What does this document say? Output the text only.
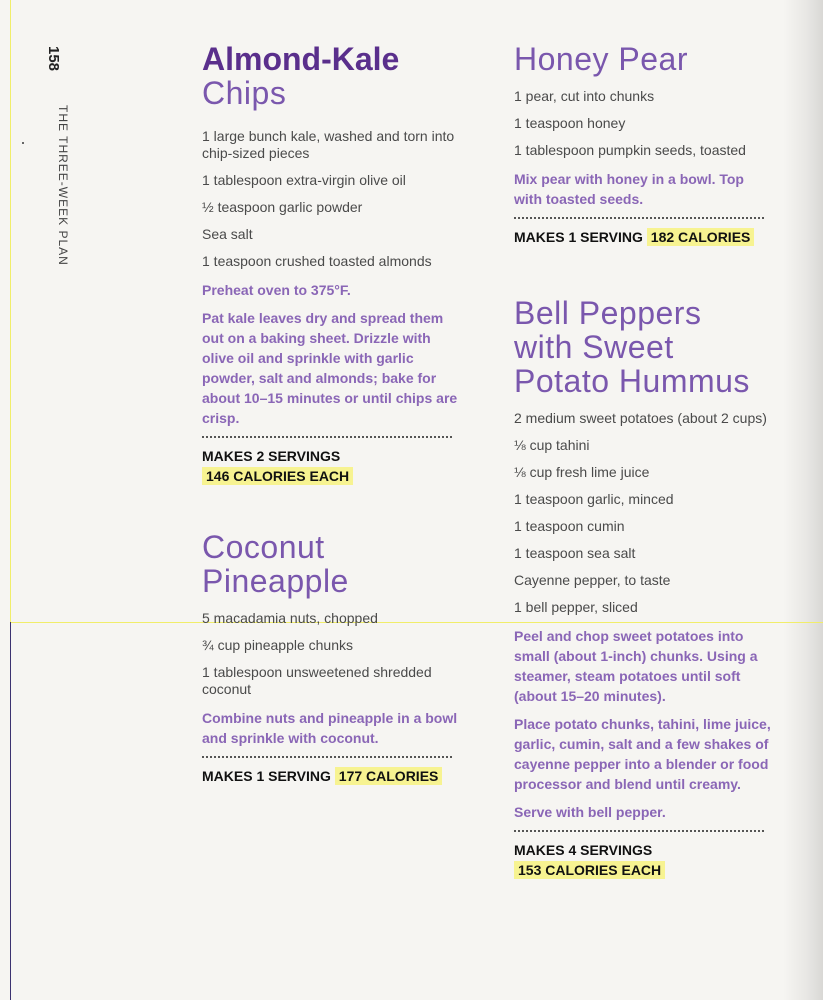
158
THE THREE-WEEK PLAN
Almond-Kale
Chips

1 large bunch kale, washed and torn into chip-sized pieces

1 tablespoon extra-virgin olive oil

½ teaspoon garlic powder

Sea salt

1 teaspoon crushed toasted almonds

Preheat oven to 375°F.

Pat kale leaves dry and spread them out on a baking sheet. Drizzle with olive oil and sprinkle with garlic powder, salt and almonds; bake for about 10–15 minutes or until chips are crisp.

MAKES 2 SERVINGS
146 CALORIES EACH
Coconut
Pineapple

5 macadamia nuts, chopped

¾ cup pineapple chunks

1 tablespoon unsweetened shredded coconut

Combine nuts and pineapple in a bowl and sprinkle with coconut.

MAKES 1 SERVING 177 CALORIES
Honey Pear

1 pear, cut into chunks

1 teaspoon honey

1 tablespoon pumpkin seeds, toasted

Mix pear with honey in a bowl. Top with toasted seeds.

MAKES 1 SERVING 182 CALORIES
Bell Peppers
with Sweet
Potato Hummus

2 medium sweet potatoes (about 2 cups)

⅛ cup tahini

⅛ cup fresh lime juice

1 teaspoon garlic, minced

1 teaspoon cumin

1 teaspoon sea salt

Cayenne pepper, to taste

1 bell pepper, sliced

Peel and chop sweet potatoes into small (about 1-inch) chunks. Using a steamer, steam potatoes until soft (about 15–20 minutes).

Place potato chunks, tahini, lime juice, garlic, cumin, salt and a few shakes of cayenne pepper into a blender or food processor and blend until creamy.

Serve with bell pepper.

MAKES 4 SERVINGS
153 CALORIES EACH
